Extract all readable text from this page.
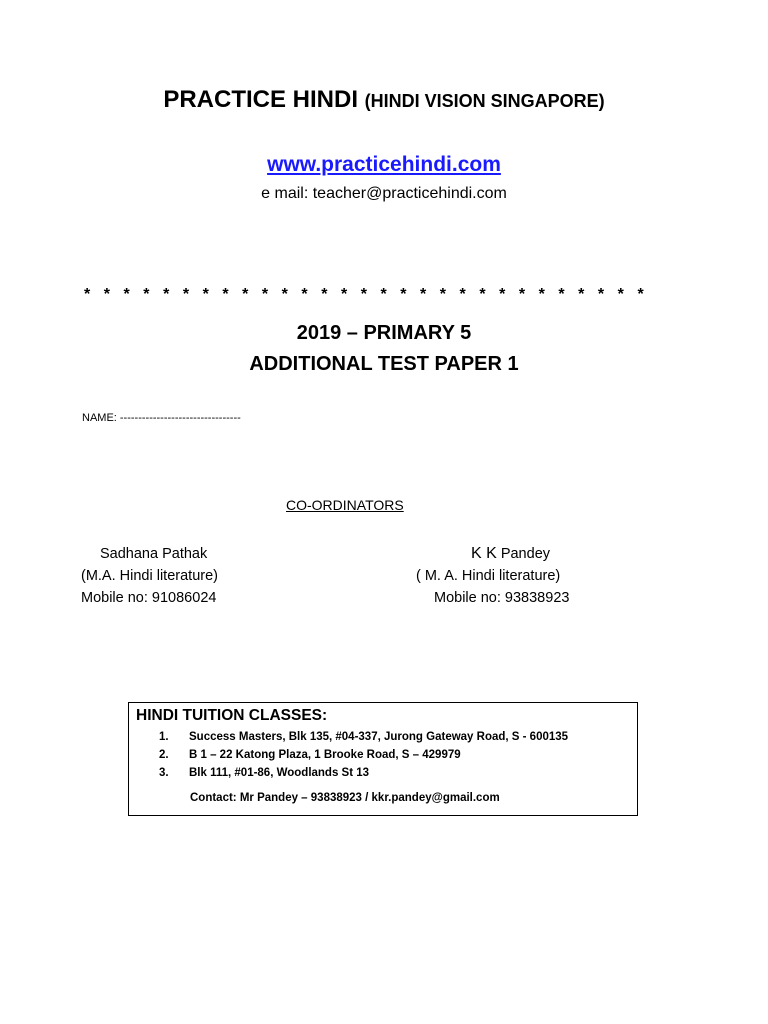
PRACTICE HINDI (HINDI VISION SINGAPORE)
www.practicehindi.com
e mail: teacher@practicehindi.com
* * * * * * * * * * * * * * * * * * * * * * * * * * * * *
2019 – PRIMARY 5
ADDITIONAL TEST PAPER 1
NAME: ---------------------------------
CO-ORDINATORS
Sadhana Pathak
(M.A. Hindi literature)
Mobile no: 91086024
K K Pandey
( M. A. Hindi literature)
Mobile no: 93838923
HINDI TUITION CLASSES:
1. Success Masters, Blk 135, #04-337, Jurong Gateway Road, S - 600135
2. B 1 – 22 Katong Plaza, 1 Brooke Road, S – 429979
3. Blk 111, #01-86, Woodlands St 13
Contact: Mr Pandey – 93838923 / kkr.pandey@gmail.com
